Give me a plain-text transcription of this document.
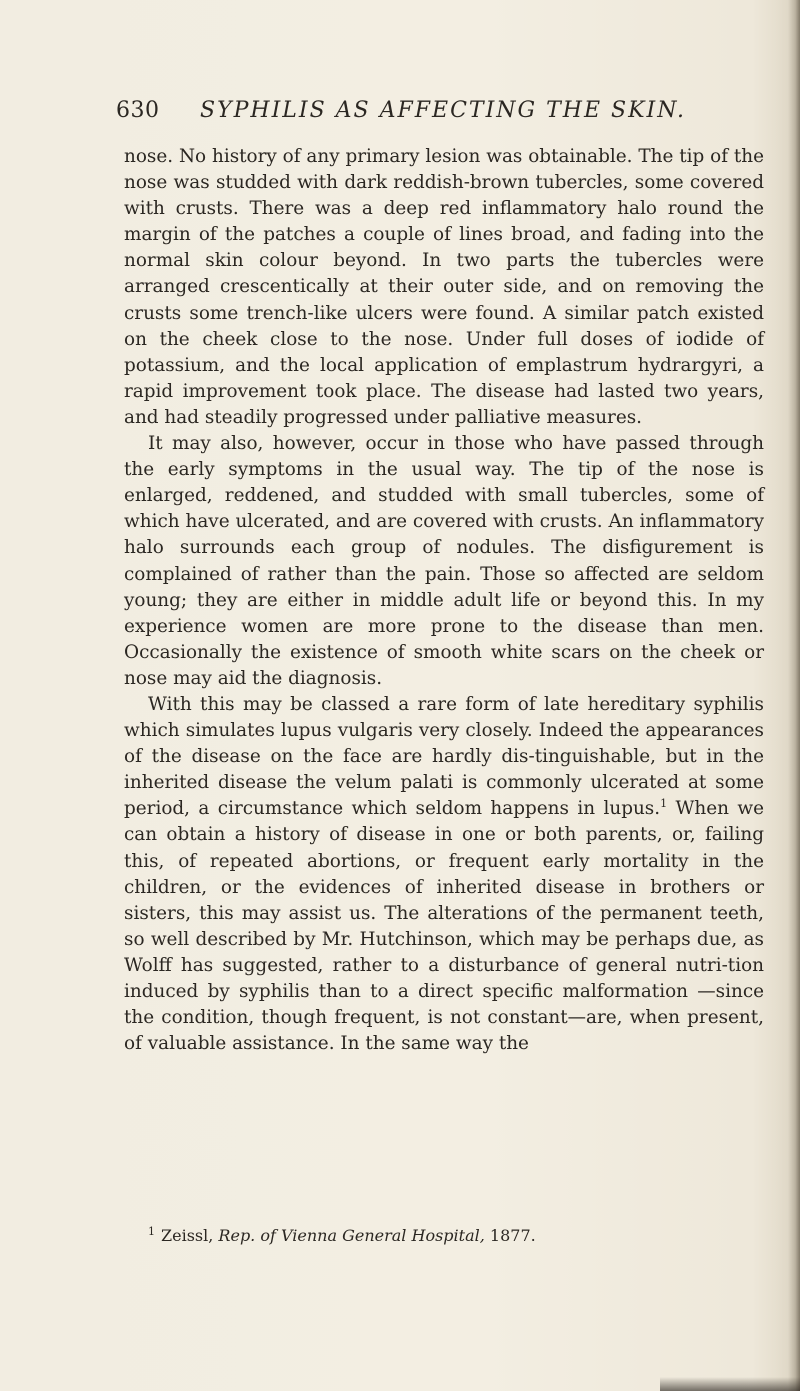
630 SYPHILIS AS AFFECTING THE SKIN.

nose. No history of any primary lesion was obtainable. The tip of the nose was studded with dark reddish-brown tubercles, some covered with crusts. There was a deep red inflammatory halo round the margin of the patches a couple of lines broad, and fading into the normal skin colour beyond. In two parts the tubercles were arranged crescentically at their outer side, and on removing the crusts some trench-like ulcers were found. A similar patch existed on the cheek close to the nose. Under full doses of iodide of potassium, and the local application of emplastrum hydrargyri, a rapid improvement took place. The disease had lasted two years, and had steadily progressed under palliative measures.

It may also, however, occur in those who have passed through the early symptoms in the usual way. The tip of the nose is enlarged, reddened, and studded with small tubercles, some of which have ulcerated, and are covered with crusts. An inflammatory halo surrounds each group of nodules. The disfigurement is complained of rather than the pain. Those so affected are seldom young; they are either in middle adult life or beyond this. In my experience women are more prone to the disease than men. Occasionally the existence of smooth white scars on the cheek or nose may aid the diagnosis.

With this may be classed a rare form of late hereditary syphilis which simulates lupus vulgaris very closely. Indeed the appearances of the disease on the face are hardly dis-tinguishable, but in the inherited disease the velum palati is commonly ulcerated at some period, a circumstance which seldom happens in lupus.$^1$ When we can obtain a history of disease in one or both parents, or, failing this, of repeated abortions, or frequent early mortality in the children, or the evidences of inherited disease in brothers or sisters, this may assist us. The alterations of the permanent teeth, so well described by Mr. Hutchinson, which may be perhaps due, as Wolff has suggested, rather to a disturbance of general nutri-tion induced by syphilis than to a direct specific malformation —since the condition, though frequent, is not constant—are, when present, of valuable assistance. In the same way the

$^1$ Zeissl, Rep. of Vienna General Hospital, 1877.
